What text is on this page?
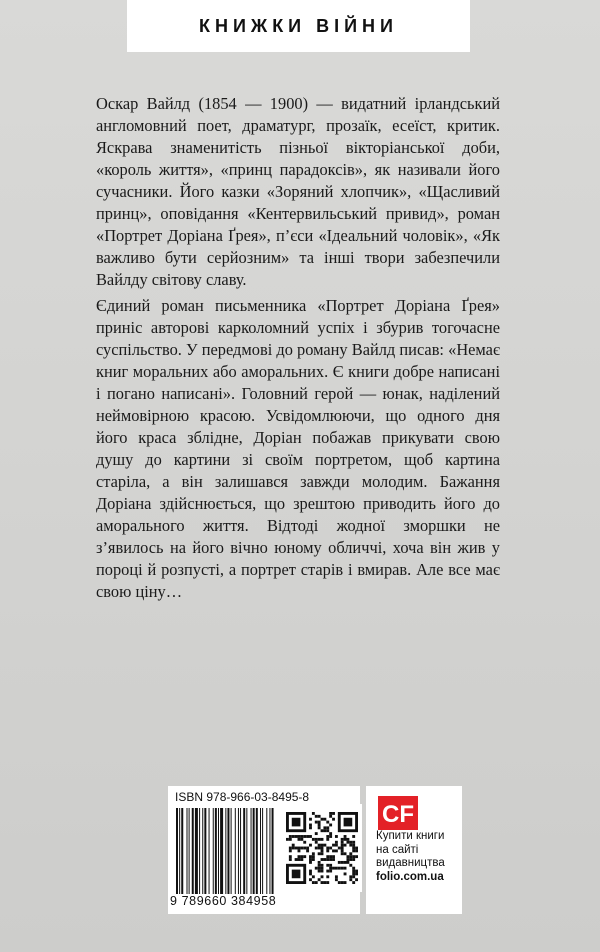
КНИЖКИ ВІЙНИ

Оскар Вайлд (1854 — 1900) — видатний ірландський англомовний поет, драматург, прозаїк, есеїст, критик. Яскрава знаменитість пізньої вікторіанської доби, «король життя», «принц парадоксів», як називали його сучасники. Його казки «Зоряний хлопчик», «Щасливий принц», оповідання «Кентервильський привид», роман «Портрет Доріана Ґрея», п’єси «Ідеальний чоловік», «Як важливо бути серйозним» та інші твори забезпечили Вайлду світову славу.

Єдиний роман письменника «Портрет Доріана Ґрея» приніс авторові карколомний успіх і збурив тогочасне суспільство. У передмові до роману Вайлд писав: «Немає книг моральних або аморальних. Є книги добре написані і погано написані». Головний герой — юнак, наділений неймовірною красою. Усвідомлюючи, що одного дня його краса зблідне, Доріан побажав прикувати свою душу до картини зі своїм портретом, щоб картина старіла, а він залишався завжди молодим. Бажання Доріана здійснюється, що зрештою приводить його до аморального життя. Відтоді жодної зморшки не з’явилось на його вічно юному обличчі, хоча він жив у пороці й розпусті, а портрет старів і вмирав. Але все має свою ціну…

ISBN 978-966-03-8495-8
9 789660 384958
CF
Купити книги
на сайті
видавництва
folio.com.ua
